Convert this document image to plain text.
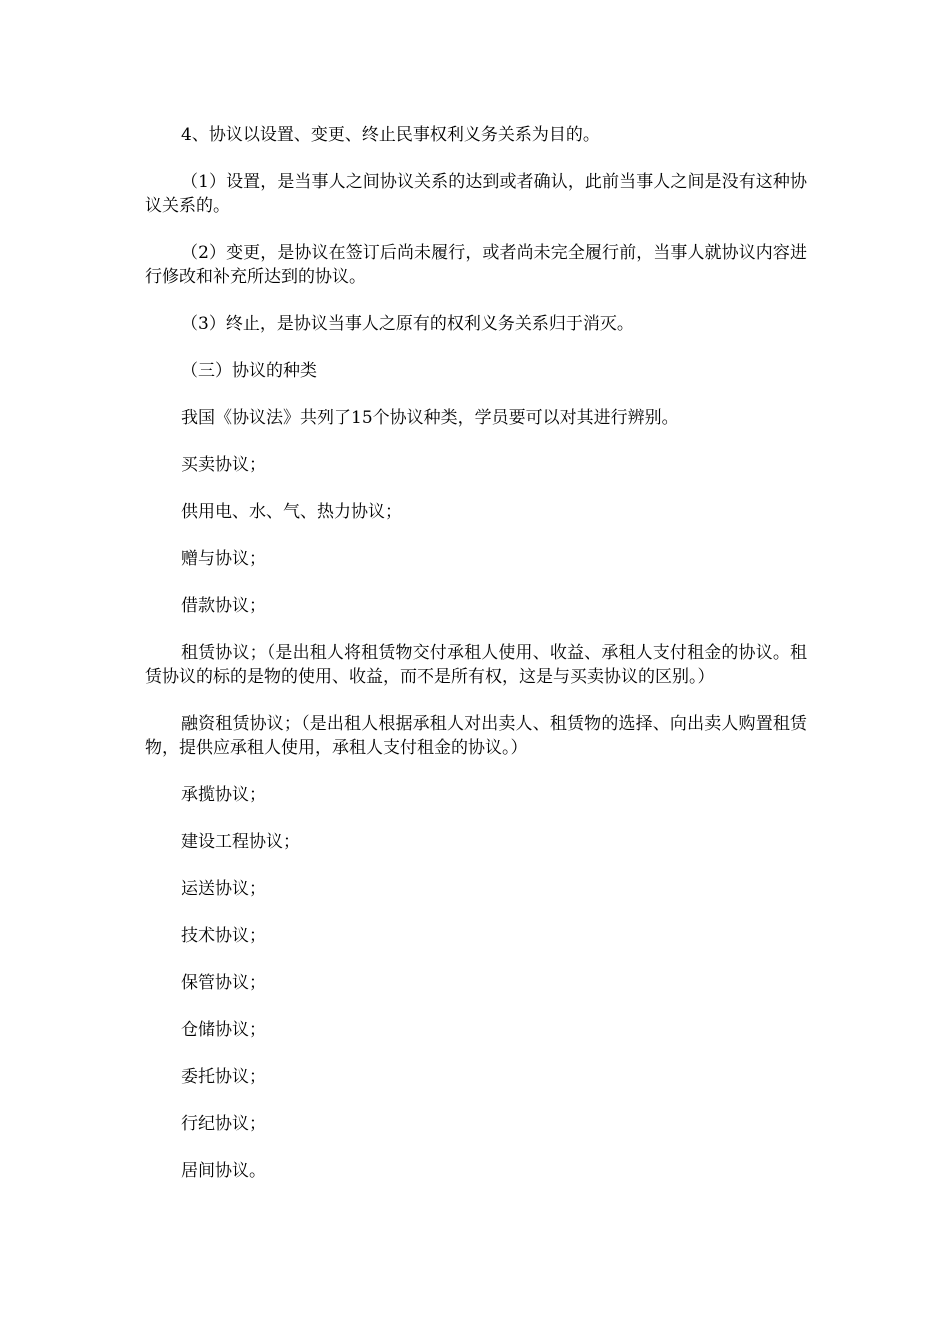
4、协议以设置、变更、终止民事权利义务关系为目的。

（1）设置，是当事人之间协议关系的达到或者确认，此前当事人之间是没有这种协议关系的。

（2）变更，是协议在签订后尚未履行，或者尚未完全履行前，当事人就协议内容进行修改和补充所达到的协议。

（3）终止，是协议当事人之原有的权利义务关系归于消灭。

（三）协议的种类

我国《协议法》共列了15个协议种类，学员要可以对其进行辨别。

买卖协议；

供用电、水、气、热力协议；

赠与协议；

借款协议；

租赁协议；（是出租人将租赁物交付承租人使用、收益、承租人支付租金的协议。租赁协议的标的是物的使用、收益，而不是所有权，这是与买卖协议的区别。）

融资租赁协议；（是出租人根据承租人对出卖人、租赁物的选择、向出卖人购置租赁物，提供应承租人使用，承租人支付租金的协议。）

承揽协议；

建设工程协议；

运送协议；

技术协议；

保管协议；

仓储协议；

委托协议；

行纪协议；

居间协议。
